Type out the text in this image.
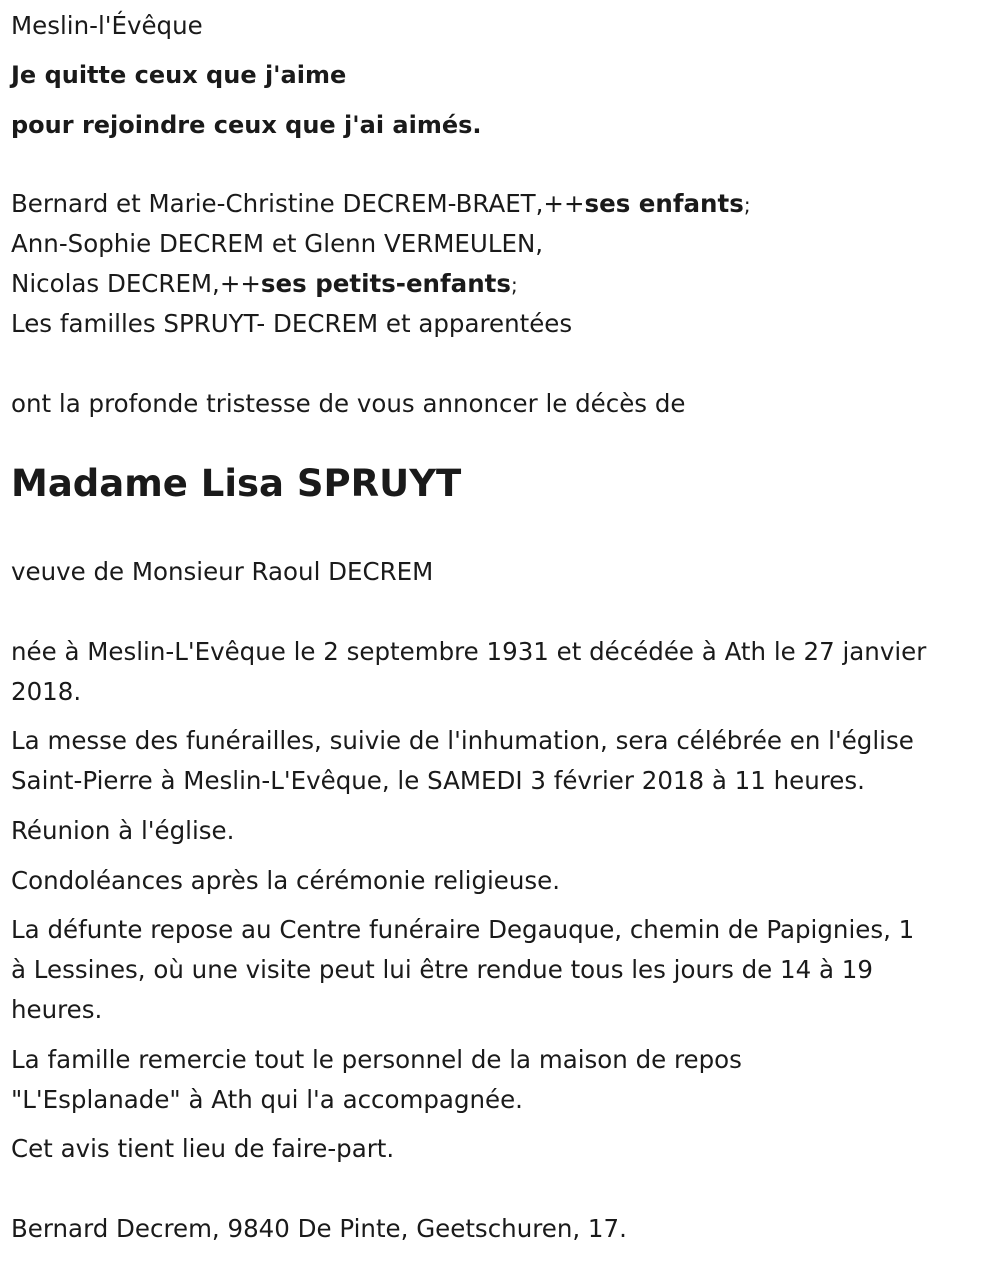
Meslin-l'Évêque

Je quitte ceux que j'aime

pour rejoindre ceux que j'ai aimés.

Bernard et Marie-Christine DECREM-BRAET,++ses enfants;

Ann-Sophie DECREM et Glenn VERMEULEN,

Nicolas DECREM,++ses petits-enfants;

Les familles SPRUYT- DECREM et apparentées

ont la profonde tristesse de vous annoncer le décès de

Madame Lisa SPRUYT

veuve de Monsieur Raoul DECREM

née à Meslin-L'Evêque le 2 septembre 1931 et décédée à Ath le 27 janvier

2018.

La messe des funérailles, suivie de l'inhumation, sera célébrée en l'église

Saint-Pierre à Meslin-L'Evêque, le SAMEDI 3 février 2018 à 11 heures.

Réunion à l'église.

Condoléances après la cérémonie religieuse.

La défunte repose au Centre funéraire Degauque, chemin de Papignies, 1

à Lessines, où une visite peut lui être rendue tous les jours de 14 à 19

heures.

La famille remercie tout le personnel de la maison de repos

"L'Esplanade" à Ath qui l'a accompagnée.

Cet avis tient lieu de faire-part.

Bernard Decrem, 9840 De Pinte, Geetschuren, 17.
